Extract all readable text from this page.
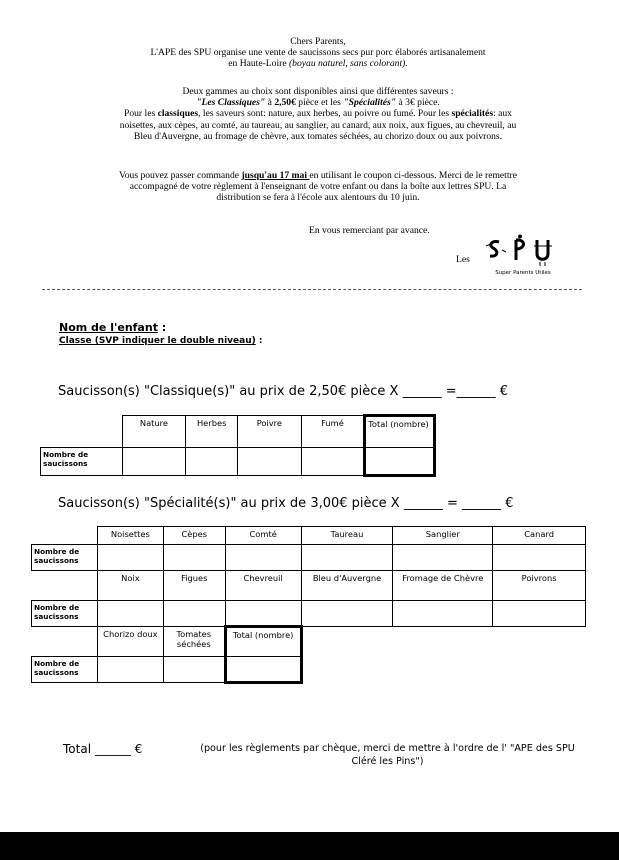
Chers Parents,
L'APE des SPU organise une vente de saucissons secs pur porc élaborés artisanalement
en Haute-Loire (boyau naturel, sans colorant).
Deux gammes au choix sont disponibles ainsi que différentes saveurs :
"Les Classiques" à 2,50€ pièce et les "Spécialités" à 3€ pièce.
Pour les classiques, les saveurs sont: nature, aux herbes, au poivre ou fumé. Pour les spécialités: aux
noisettes, aux cèpes, au comté, au taureau, au sanglier, au canard, aux noix, aux figues, au chevreuil, au
Bleu d'Auvergne, au fromage de chèvre, aux tomates séchées, au chorizo doux ou aux poivrons.
Vous pouvez passer commande jusqu'au 17 mai en utilisant le coupon ci-dessous. Merci de le remettre
accompagné de votre règlement à l'enseignant de votre enfant ou dans la boîte aux lettres SPU. La
distribution se fera à l'école aux alentours du 10 juin.
En vous remerciant par avance.
Les
Super Parents Utiles
Nom de l'enfant :
Classe (SVP indiquer le double niveau) :
Saucisson(s) "Classique(s)" au prix de 2,50€ pièce X ______ =______ €
	Nature	Herbes	Poivre	Fumé	Total (nombre)
Nombre de saucissons					
Saucisson(s) "Spécialité(s)" au prix de 3,00€ pièce X ______ = ______ €
	Noisettes	Cèpes	Comté	Taureau	Sanglier	Canard
Nombre de saucissons						
	Noix	Figues	Chevreuil	Bleu d'Auvergne	Fromage de Chèvre	Poivrons
Nombre de saucissons						
	Chorizo doux	Tomates séchées	Total (nombre)			
Nombre de saucissons						
Total ______ €	(pour les règlements par chèque, merci de mettre à l'ordre de l' "APE des SPU Cléré les Pins")
